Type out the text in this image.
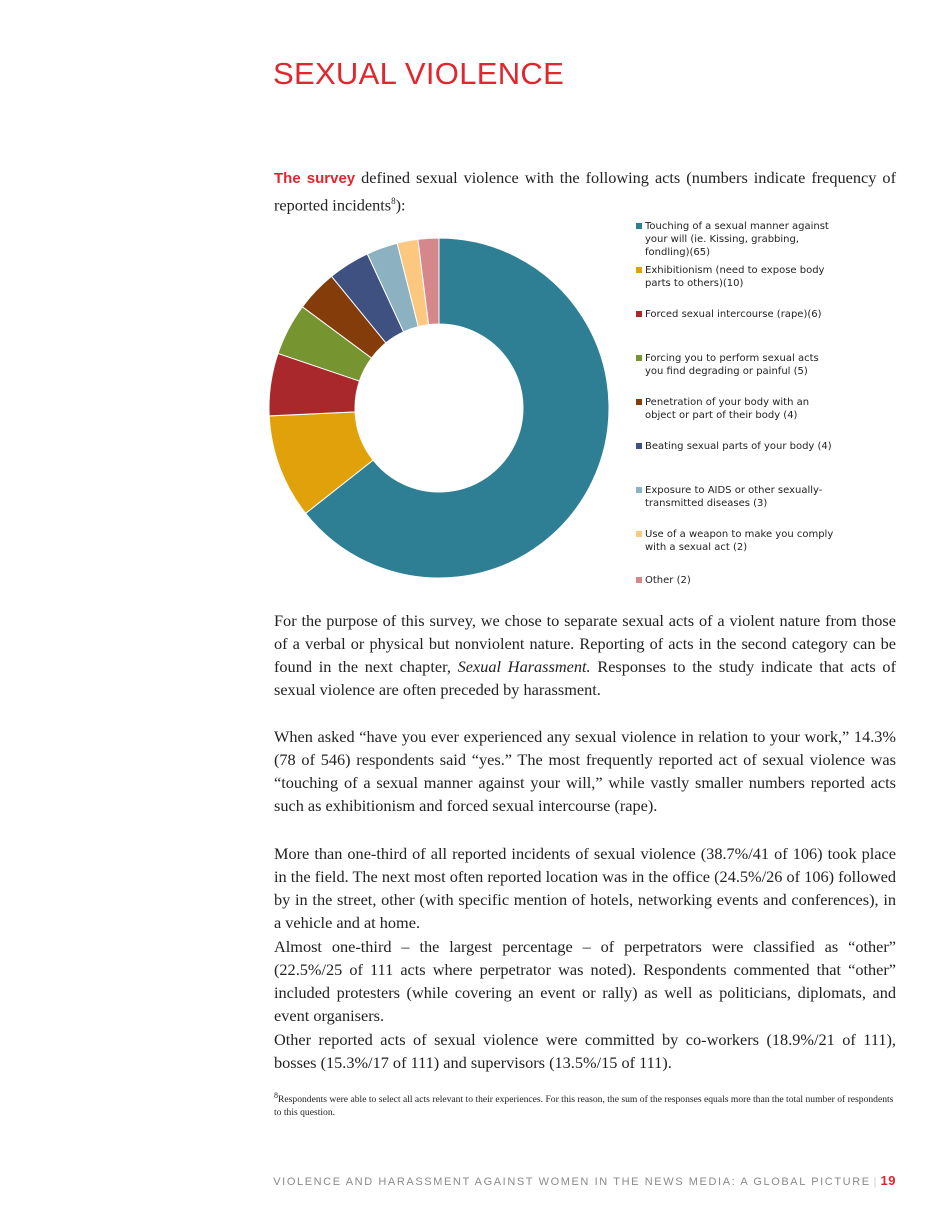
SEXUAL VIOLENCE

The survey defined sexual violence with the following acts (numbers indicate frequency of reported incidents$^8$):

Touching of a sexual manner against your will (ie. Kissing, grabbing, fondling)(65)
Exhibitionism (need to expose body parts to others)(10)
Forced sexual intercourse (rape)(6)
Forcing you to perform sexual acts you find degrading or painful (5)
Penetration of your body with an object or part of their body (4)
Beating sexual parts of your body (4)
Exposure to AIDS or other sexually-transmitted diseases (3)
Use of a weapon to make you comply with a sexual act (2)
Other (2)

For the purpose of this survey, we chose to separate sexual acts of a violent nature from those of a verbal or physical but nonviolent nature. Reporting of acts in the second category can be found in the next chapter, Sexual Harassment. Responses to the study indicate that acts of sexual violence are often preceded by harassment.

When asked “have you ever experienced any sexual violence in relation to your work,” 14.3% (78 of 546) respondents said “yes.” The most frequently reported act of sexual violence was “touching of a sexual manner against your will,” while vastly smaller numbers reported acts such as exhibitionism and forced sexual intercourse (rape).

More than one-third of all reported incidents of sexual violence (38.7%/41 of 106) took place in the field. The next most often reported location was in the office (24.5%/26 of 106) followed by in the street, other (with specific mention of hotels, networking events and conferences), in a vehicle and at home.

Almost one-third – the largest percentage – of perpetrators were classified as “other” (22.5%/25 of 111 acts where perpetrator was noted). Respondents commented that “other” included protesters (while covering an event or rally) as well as politicians, diplomats, and event organisers.

Other reported acts of sexual violence were committed by co-workers (18.9%/21 of 111), bosses (15.3%/17 of 111) and supervisors (13.5%/15 of 111).

$^8$Respondents were able to select all acts relevant to their experiences. For this reason, the sum of the responses equals more than the total number of respondents to this question.

VIOLENCE AND HARASSMENT AGAINST WOMEN IN THE NEWS MEDIA: A GLOBAL PICTURE | 19
